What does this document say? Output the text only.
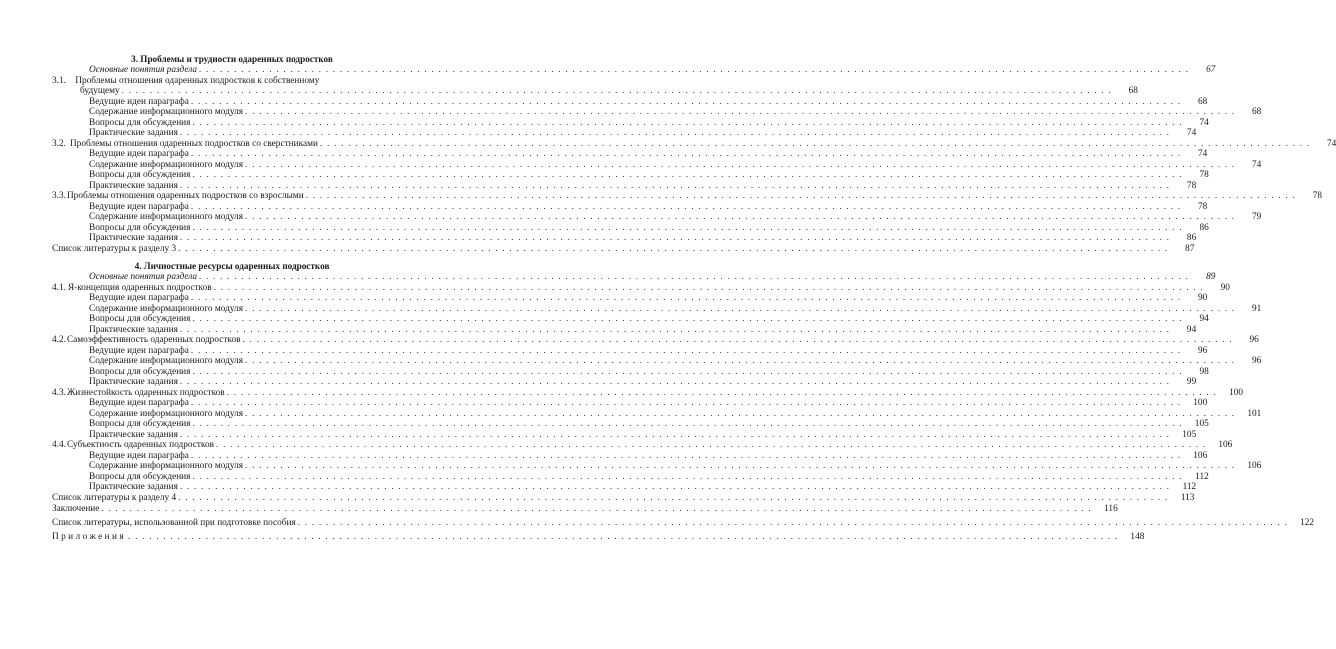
3. Проблемы и трудности одаренных подростков
Основные понятия раздела . . .	67
3.1. Проблемы отношения одаренных подростков к собственному
будущему . . .	68
Ведущие идеи параграфа . . .	68
Содержание информационного модуля . . .	68
Вопросы для обсуждения . . .	74
Практические задания . . .	74
3.2. Проблемы отношения одаренных подростков со сверстниками . . .	74
Ведущие идеи параграфа . . .	74
Содержание информационного модуля . . .	74
Вопросы для обсуждения . . .	78
Практические задания . . .	78
3.3. Проблемы отношения одаренных подростков со взрослыми . . .	78
Ведущие идеи параграфа . . .	78
Содержание информационного модуля . . .	79
Вопросы для обсуждения . . .	86
Практические задания . . .	86
Список литературы к разделу 3 . . .	87
4. Личностные ресурсы одаренных подростков
Основные понятия раздела . . .	89
4.1. Я-концепция одаренных подростков . . .	90
Ведущие идеи параграфа . . .	90
Содержание информационного модуля . . .	91
Вопросы для обсуждения . . .	94
Практические задания . . .	94
4.2. Самоэффективность одаренных подростков . . .	96
Ведущие идеи параграфа . . .	96
Содержание информационного модуля . . .	96
Вопросы для обсуждения . . .	98
Практические задания . . .	99
4.3. Жизнестойкость одаренных подростков . . .	100
Ведущие идеи параграфа . . .	100
Содержание информационного модуля . . .	101
Вопросы для обсуждения . . .	105
Практические задания . . .	105
4.4. Субъектность одаренных подростков . . .	106
Ведущие идеи параграфа . . .	106
Содержание информационного модуля . . .	106
Вопросы для обсуждения . . .	112
Практические задания . . .	112
Список литературы к разделу 4 . . .	113
Заключение . . .	116
Список литературы, использованной при подготовке пособия . . .	122
Приложения . . .	148
